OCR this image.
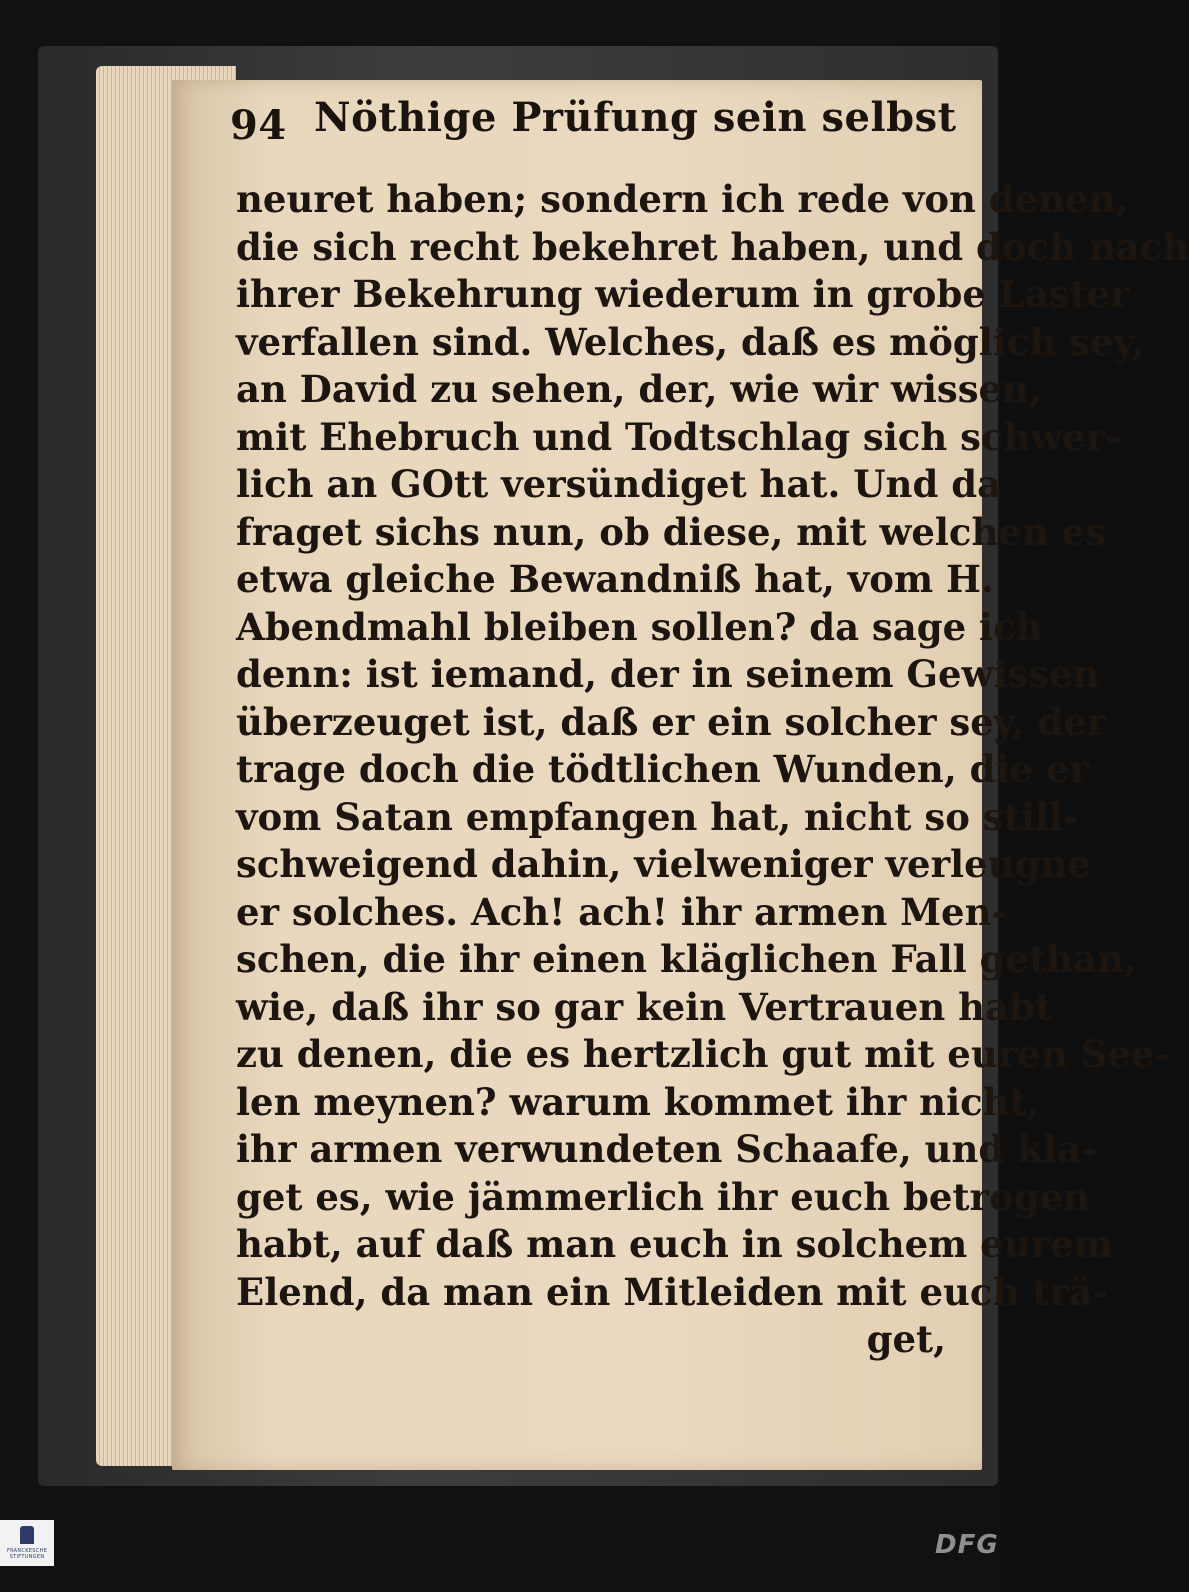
94 Nöthige Prüfung sein selbst
neuret haben; sondern ich rede von denen,
die sich recht bekehret haben, und doch nach
ihrer Bekehrung wiederum in grobe Laster
verfallen sind. Welches, daß es möglich sey,
an David zu sehen, der, wie wir wissen,
mit Ehebruch und Todtschlag sich schwer-
lich an GOtt versündiget hat. Und da
fraget sichs nun, ob diese, mit welchen es
etwa gleiche Bewandniß hat, vom H.
Abendmahl bleiben sollen? da sage ich
denn: ist iemand, der in seinem Gewissen
überzeuget ist, daß er ein solcher sey, der
trage doch die tödtlichen Wunden, die er
vom Satan empfangen hat, nicht so still-
schweigend dahin, vielweniger verleugne
er solches. Ach! ach! ihr armen Men-
schen, die ihr einen kläglichen Fall gethan,
wie, daß ihr so gar kein Vertrauen habt
zu denen, die es hertzlich gut mit euren See-
len meynen? warum kommet ihr nicht,
ihr armen verwundeten Schaafe, und kla-
get es, wie jämmerlich ihr euch betrogen
habt, auf daß man euch in solchem eurem
Elend, da man ein Mitleiden mit euch trä-
get,
FRANCKESCHE STIFTUNGEN	DFG
